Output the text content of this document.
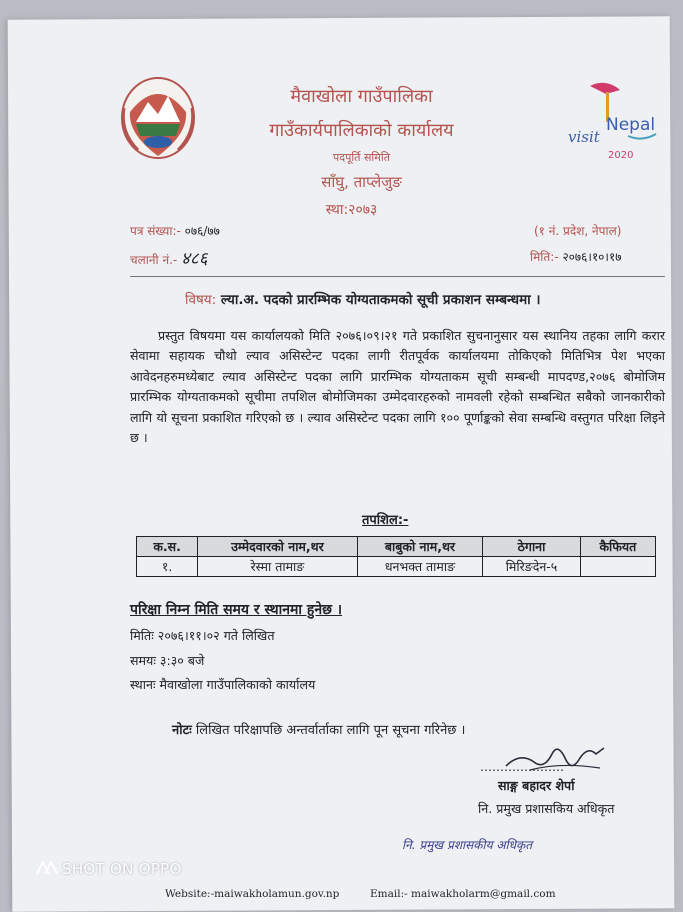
visit
Nepal
2020
मैवाखोला गाउँपालिका
गाउँकार्यपालिकाको कार्यालय
पदपूर्ति समिति
साँघु, ताप्लेजुङ
स्था:२०७३
पत्र संख्या:- ०७६/७७
चलानी नं.- ४८६
(१ नं. प्रदेश, नेपाल)
मिति:- २०७६।१०।१७
विषय: ल्या.अ. पदको प्रारम्भिक योग्यताकमको सूची प्रकाशन सम्बन्धमा ।

प्रस्तुत विषयमा यस कार्यालयको मिति २०७६।०९।२१ गते प्रकाशित सुचनानुसार यस स्थानिय तहका लागि करार सेवामा सहायक चौथो ल्याव असिस्टेन्ट पदका लागी रीतपूर्वक कार्यालयमा तोकिएको मितिभित्र पेश भएका आवेदनहरुमध्येबाट ल्याव असिस्टेन्ट पदका लागि प्रारम्भिक योग्यताकम सूची सम्बन्धी मापदण्ड,२०७६ बोमोजिम प्रारम्भिक योग्यताकमको सूचीमा तपशिल बोमोजिमका उम्मेदवारहरुको नामवली रहेको सम्बन्धित सबैको जानकारीको लागि यो सूचना प्रकाशित गरिएको छ । ल्याव असिस्टेन्ट पदका लागि १०० पूर्णाङ्कको सेवा सम्बन्धि वस्तुगत परिक्षा लिइने छ ।

तपशिल:-
क.स.	उम्मेदवारको नाम,थर	बाबुको नाम,थर	ठेगाना	कैफियत
१.	रेस्मा तामाङ	धनभक्त तामाङ	मिरिङदेन-५	
परिक्षा निम्न मिति समय र स्थानमा हुनेछ ।
मितिः २०७६।११।०२ गते लिखित
समयः ३:३० बजे
स्थानः मैवाखोला गाउँपालिकाको कार्यालय
नोटः लिखित परिक्षापछि अन्तर्वार्ताका लागि पून सूचना गरिनेछ ।
…………………
साङ्ग बहादर शेर्पा
नि. प्रमुख प्रशासकिय अधिकृत
नि. प्रमुख प्रशासकीय अधिकृत
Website:-maiwakholamun.gov.np	Email:- maiwakholarm@gmail.com
SHOT ON OPPO
